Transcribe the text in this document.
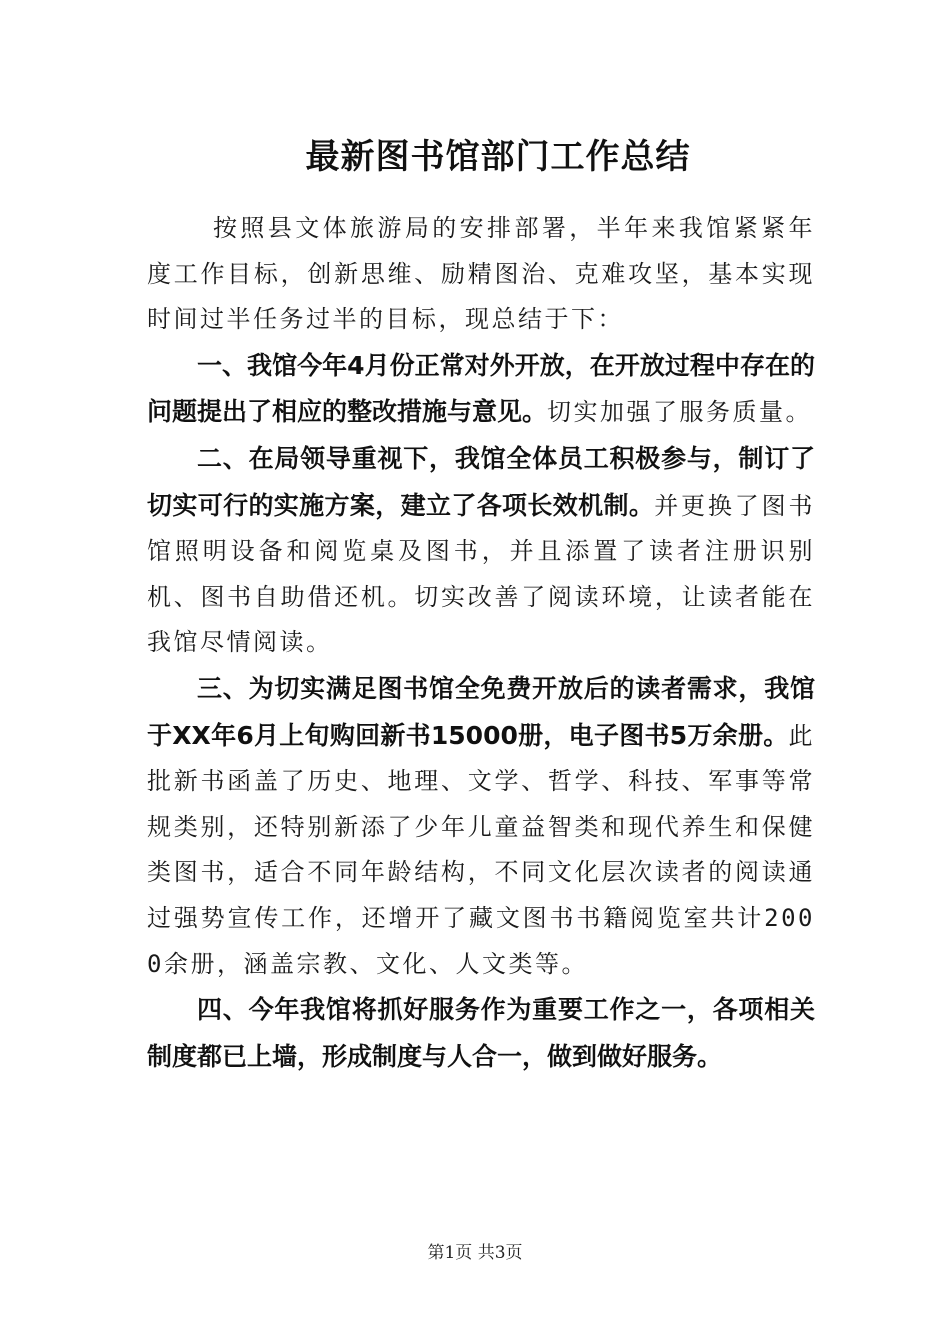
最新图书馆部门工作总结

按照县文体旅游局的安排部署，半年来我馆紧紧年度工作目标，创新思维、励精图治、克难攻坚，基本实现时间过半任务过半的目标，现总结于下：

一、我馆今年4月份正常对外开放，在开放过程中存在的问题提出了相应的整改措施与意见。切实加强了服务质量。

二、在局领导重视下，我馆全体员工积极参与，制订了切实可行的实施方案，建立了各项长效机制。并更换了图书馆照明设备和阅览桌及图书，并且添置了读者注册识别机、图书自助借还机。切实改善了阅读环境，让读者能在我馆尽情阅读。

三、为切实满足图书馆全免费开放后的读者需求，我馆于XX年6月上旬购回新书15000册，电子图书5万余册。此批新书函盖了历史、地理、文学、哲学、科技、军事等常规类别，还特别新添了少年儿童益智类和现代养生和保健类图书，适合不同年龄结构，不同文化层次读者的阅读通过强势宣传工作，还增开了藏文图书书籍阅览室共计2000余册，涵盖宗教、文化、人文类等。

四、今年我馆将抓好服务作为重要工作之一，各项相关制度都已上墙，形成制度与人合一，做到做好服务。

第1页 共3页
